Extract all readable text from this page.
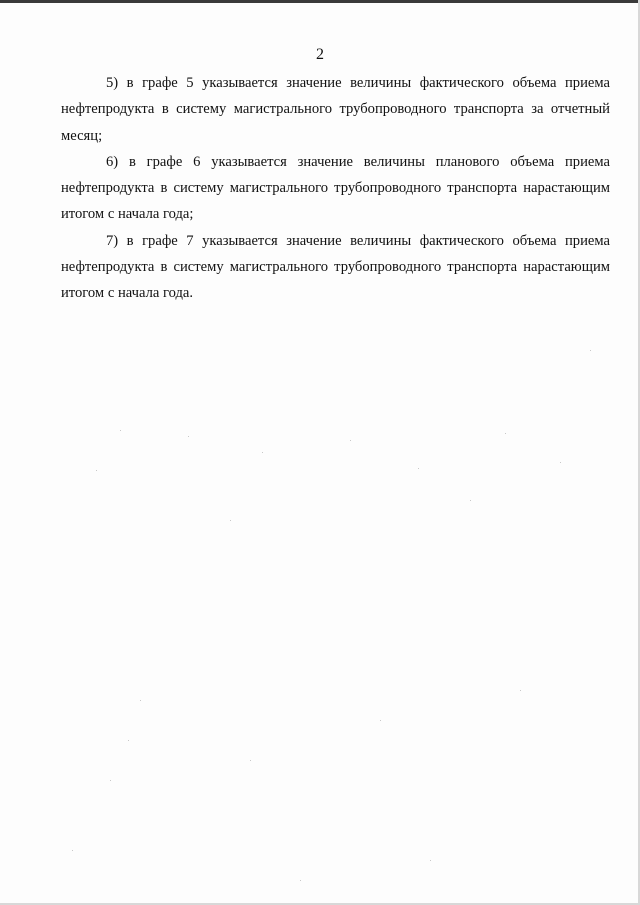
2

5) в графе 5 указывается значение величины фактического объема приема нефтепродукта в систему магистрального трубопроводного транспорта за отчетный месяц;

6) в графе 6 указывается значение величины планового объема приема нефтепродукта в систему магистрального трубопроводного транспорта нарастающим итогом с начала года;

7) в графе 7 указывается значение величины фактического объема приема нефтепродукта в систему магистрального трубопроводного транспорта нарастающим итогом с начала года.
